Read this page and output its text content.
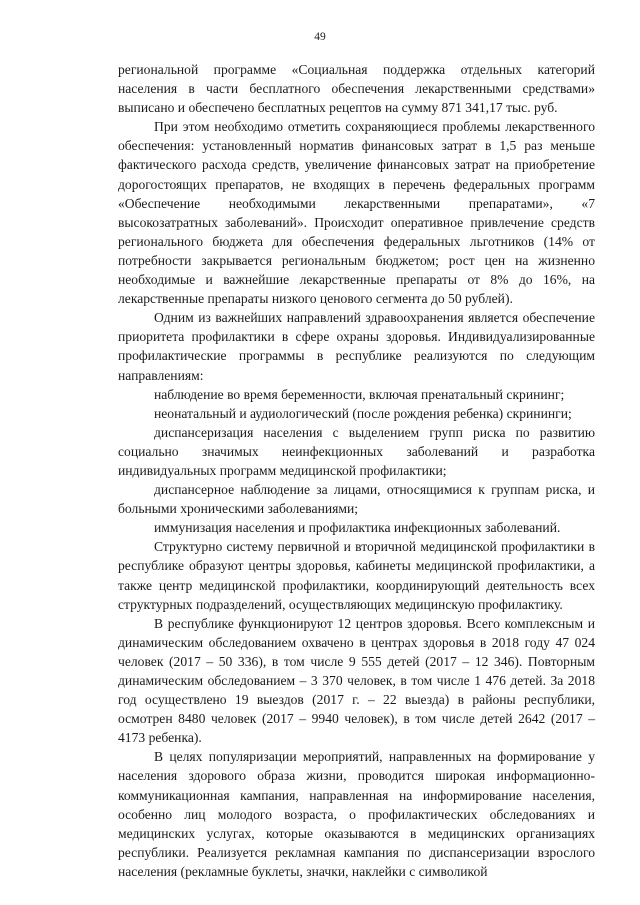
49

региональной программе «Социальная поддержка отдельных категорий населения в части бесплатного обеспечения лекарственными средствами» выписано и обеспечено бесплатных рецептов на сумму 871 341,17 тыс. руб.

При этом необходимо отметить сохраняющиеся проблемы лекарственного обеспечения: установленный норматив финансовых затрат в 1,5 раз меньше фактического расхода средств, увеличение финансовых затрат на приобретение дорогостоящих препаратов, не входящих в перечень федеральных программ «Обеспечение необходимыми лекарственными препаратами», «7 высокозатратных заболеваний». Происходит оперативное привлечение средств регионального бюджета для обеспечения федеральных льготников (14% от потребности закрывается региональным бюджетом; рост цен на жизненно необходимые и важнейшие лекарственные препараты от 8% до 16%, на лекарственные препараты низкого ценового сегмента до 50 рублей).

Одним из важнейших направлений здравоохранения является обеспечение приоритета профилактики в сфере охраны здоровья. Индивидуализированные профилактические программы в республике реализуются по следующим направлениям:

наблюдение во время беременности, включая пренатальный скрининг;

неонатальный и аудиологический (после рождения ребенка) скрининги;

диспансеризация населения с выделением групп риска по развитию социально значимых неинфекционных заболеваний и разработка индивидуальных программ медицинской профилактики;

диспансерное наблюдение за лицами, относящимися к группам риска, и больными хроническими заболеваниями;

иммунизация населения и профилактика инфекционных заболеваний.

Структурно систему первичной и вторичной медицинской профилактики в республике образуют центры здоровья, кабинеты медицинской профилактики, а также центр медицинской профилактики, координирующий деятельность всех структурных подразделений, осуществляющих медицинскую профилактику.

В республике функционируют 12 центров здоровья. Всего комплексным и динамическим обследованием охвачено в центрах здоровья в 2018 году 47 024 человек (2017 – 50 336), в том числе 9 555 детей (2017 – 12 346). Повторным динамическим обследованием – 3 370 человек, в том числе 1 476 детей. За 2018 год осуществлено 19 выездов (2017 г. – 22 выезда) в районы республики, осмотрен 8480 человек (2017 – 9940 человек), в том числе детей 2642 (2017 – 4173 ребенка).

В целях популяризации мероприятий, направленных на формирование у населения здорового образа жизни, проводится широкая информационно-коммуникационная кампания, направленная на информирование населения, особенно лиц молодого возраста, о профилактических обследованиях и медицинских услугах, которые оказываются в медицинских организациях республики. Реализуется рекламная кампания по диспансеризации взрослого населения (рекламные буклеты, значки, наклейки с символикой
